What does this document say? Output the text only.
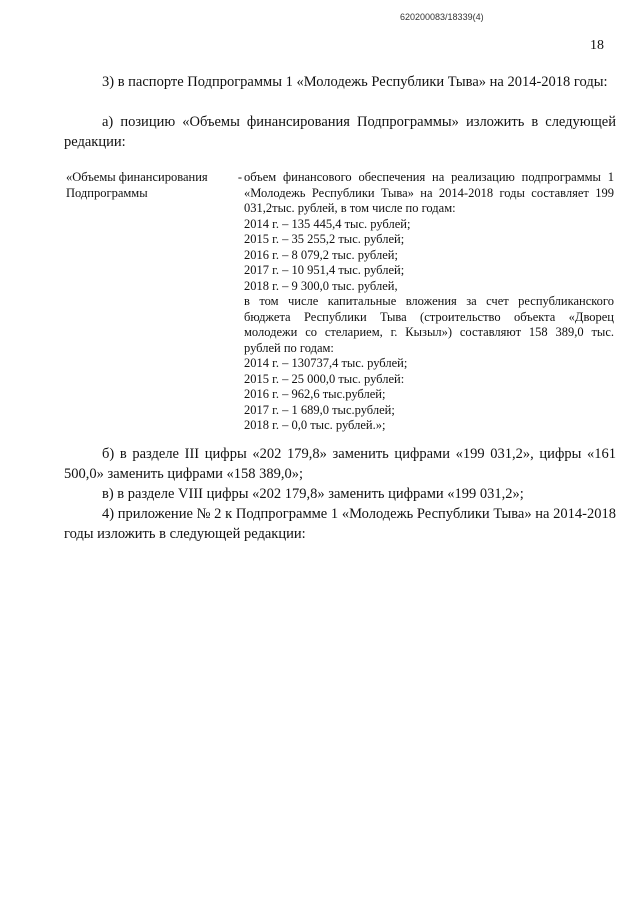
620200083/18339(4)
18

3) в паспорте Подпрограммы 1 «Молодежь Республики Тыва» на 2014-2018 годы:

а) позицию «Объемы финансирования Подпрограммы» изложить в следующей редакции:

«Объемы финансирования -
Подпрограммы
объем финансового обеспечения на реализацию подпрограммы 1 «Молодежь Республики Тыва» на 2014-2018 годы составляет 199 031,2тыс. рублей, в том числе по годам:
2014 г. – 135 445,4 тыс. рублей;
2015 г. – 35 255,2 тыс. рублей;
2016 г. – 8 079,2 тыс. рублей;
2017 г. – 10 951,4 тыс. рублей;
2018 г. – 9 300,0 тыс. рублей,
в том числе капитальные вложения за счет республиканского бюджета Республики Тыва (строительство объекта «Дворец молодежи со стеларием, г. Кызыл») составляют 158 389,0 тыс. рублей по годам:
2014 г. – 130737,4 тыс. рублей;
2015 г. – 25 000,0 тыс. рублей:
2016 г. – 962,6 тыс.рублей;
2017 г. – 1 689,0 тыс.рублей;
2018 г. – 0,0 тыс. рублей.»;

б) в разделе III цифры «202 179,8» заменить цифрами «199 031,2», цифры «161 500,0» заменить цифрами «158 389,0»;

в) в разделе VIII цифры «202 179,8» заменить цифрами «199 031,2»;

4) приложение № 2 к Подпрограмме 1 «Молодежь Республики Тыва» на 2014-2018 годы изложить в следующей редакции:
